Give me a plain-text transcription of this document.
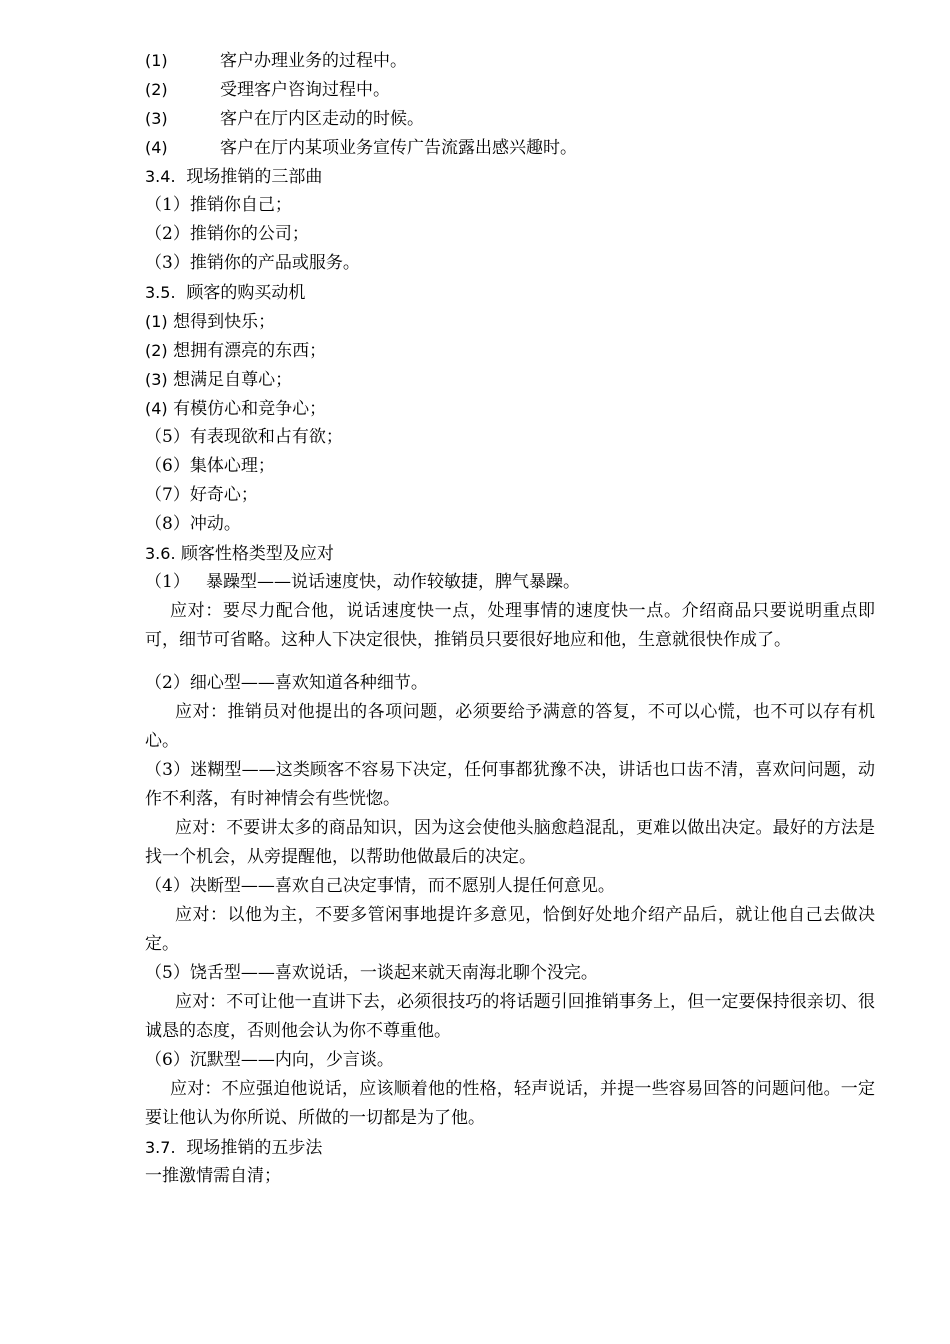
(1)	客户办理业务的过程中。
(2)	受理客户咨询过程中。
(3)	客户在厅内区走动的时候。
(4)	客户在厅内某项业务宣传广告流露出感兴趣时。
3.4. 现场推销的三部曲
（1）推销你自己；
（2）推销你的公司；
（3）推销你的产品或服务。
3.5. 顾客的购买动机
(1) 想得到快乐；
(2) 想拥有漂亮的东西；
(3) 想满足自尊心；
(4) 有模仿心和竞争心；
（5）有表现欲和占有欲；
（6）集体心理；
（7）好奇心；
（8）冲动。
3.6. 顾客性格类型及应对
（1） 暴躁型——说话速度快，动作较敏捷，脾气暴躁。
应对：要尽力配合他，说话速度快一点，处理事情的速度快一点。介绍商品只要说明重点即可，细节可省略。这种人下决定很快，推销员只要很好地应和他，生意就很快作成了。
（2）细心型——喜欢知道各种细节。
应对：推销员对他提出的各项问题，必须要给予满意的答复，不可以心慌，也不可以存有机心。
（3）迷糊型——这类顾客不容易下决定，任何事都犹豫不决，讲话也口齿不清，喜欢问问题，动作不利落，有时神情会有些恍惚。
应对：不要讲太多的商品知识，因为这会使他头脑愈趋混乱，更难以做出决定。最好的方法是找一个机会，从旁提醒他，以帮助他做最后的决定。
（4）决断型——喜欢自己决定事情，而不愿别人提任何意见。
应对：以他为主，不要多管闲事地提许多意见，恰倒好处地介绍产品后，就让他自己去做决定。
（5）饶舌型——喜欢说话，一谈起来就天南海北聊个没完。
应对：不可让他一直讲下去，必须很技巧的将话题引回推销事务上，但一定要保持很亲切、很诚恳的态度，否则他会认为你不尊重他。
（6）沉默型——内向，少言谈。
应对：不应强迫他说话，应该顺着他的性格，轻声说话，并提一些容易回答的问题问他。一定要让他认为你所说、所做的一切都是为了他。
3.7. 现场推销的五步法
一推激情需自清；
